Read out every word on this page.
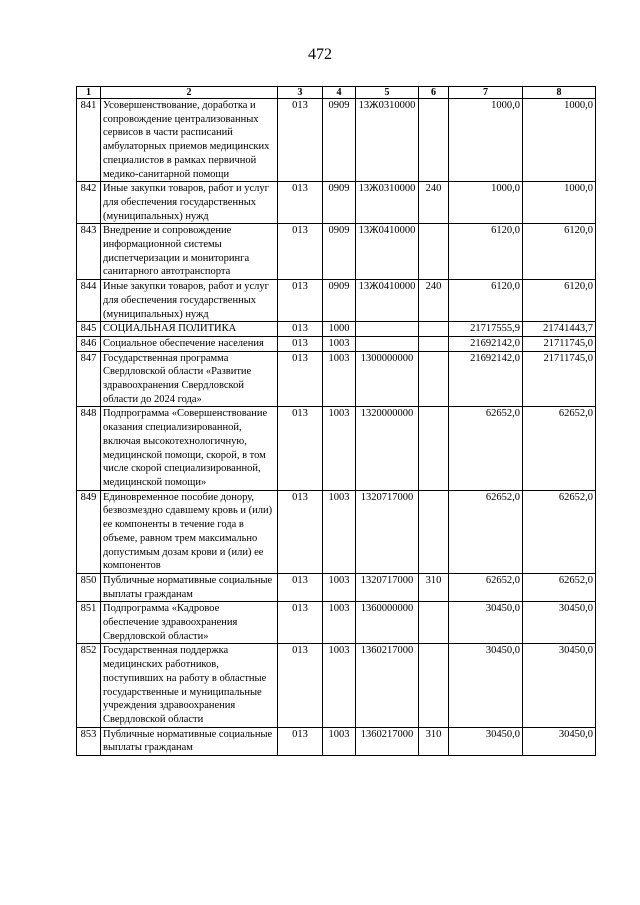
472
1	2	3	4	5	6	7	8
841	Усовершенствование, доработка и сопровождение централизованных сервисов в части расписаний амбулаторных приемов медицинских специалистов в рамках первичной медико-санитарной помощи	013	0909	13Ж0310000		1000,0	1000,0
842	Иные закупки товаров, работ и услуг для обеспечения государственных (муниципальных) нужд	013	0909	13Ж0310000	240	1000,0	1000,0
843	Внедрение и сопровождение информационной системы диспетчеризации и мониторинга санитарного автотранспорта	013	0909	13Ж0410000		6120,0	6120,0
844	Иные закупки товаров, работ и услуг для обеспечения государственных (муниципальных) нужд	013	0909	13Ж0410000	240	6120,0	6120,0
845	СОЦИАЛЬНАЯ ПОЛИТИКА	013	1000			21717555,9	21741443,7
846	Социальное обеспечение населения	013	1003			21692142,0	21711745,0
847	Государственная программа Свердловской области «Развитие здравоохранения Свердловской области до 2024 года»	013	1003	1300000000		21692142,0	21711745,0
848	Подпрограмма «Совершенствование оказания специализированной, включая высокотехнологичную, медицинской помощи, скорой, в том числе скорой специализированной, медицинской помощи»	013	1003	1320000000		62652,0	62652,0
849	Единовременное пособие донору, безвозмездно сдавшему кровь и (или) ее компоненты в течение года в объеме, равном трем максимально допустимым дозам крови и (или) ее компонентов	013	1003	1320717000		62652,0	62652,0
850	Публичные нормативные социальные выплаты гражданам	013	1003	1320717000	310	62652,0	62652,0
851	Подпрограмма «Кадровое обеспечение здравоохранения Свердловской области»	013	1003	1360000000		30450,0	30450,0
852	Государственная поддержка медицинских работников, поступивших на работу в областные государственные и муниципальные учреждения здравоохранения Свердловской области	013	1003	1360217000		30450,0	30450,0
853	Публичные нормативные социальные выплаты гражданам	013	1003	1360217000	310	30450,0	30450,0
